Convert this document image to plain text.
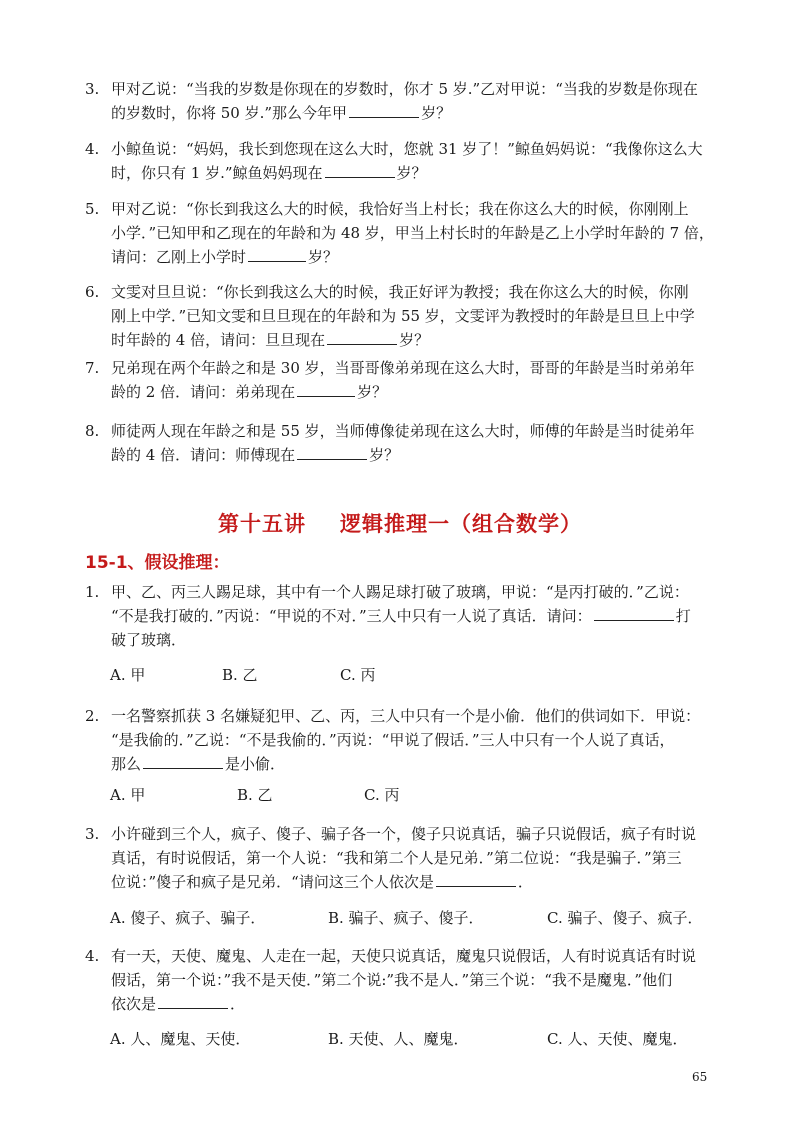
3. 甲对乙说：“当我的岁数是你现在的岁数时，你才 5 岁.”乙对甲说：“当我的岁数是你现在
的岁数时，你将 50 岁.”那么今年甲	岁？
4. 小鲸鱼说：“妈妈，我长到您现在这么大时，您就 31 岁了！”鲸鱼妈妈说：“我像你这么大
时，你只有 1 岁.”鲸鱼妈妈现在	岁？
5. 甲对乙说：“你长到我这么大的时候，我恰好当上村长；我在你这么大的时候，你刚刚上
小学．”已知甲和乙现在的年龄和为 48 岁，甲当上村长时的年龄是乙上小学时年龄的 7 倍，
请问：乙刚上小学时	岁？
6. 文雯对旦旦说：“你长到我这么大的时候，我正好评为教授；我在你这么大的时候，你刚
刚上中学．”已知文雯和旦旦现在的年龄和为 55 岁，文雯评为教授时的年龄是旦旦上中学
时年龄的 4 倍，请问：旦旦现在	岁？
7. 兄弟现在两个年龄之和是 30 岁，当哥哥像弟弟现在这么大时，哥哥的年龄是当时弟弟年
龄的 2 倍．请问：弟弟现在	岁？
8. 师徒两人现在年龄之和是 55 岁，当师傅像徒弟现在这么大时，师傅的年龄是当时徒弟年
龄的 4 倍．请问：师傅现在	岁？
第十五讲 逻辑推理一（组合数学）
15-1、假设推理：
1. 甲、乙、丙三人踢足球，其中有一个人踢足球打破了玻璃，甲说：“是丙打破的．”乙说：
“不是我打破的．”丙说：“甲说的不对．”三人中只有一人说了真话．请问：	打
破了玻璃．
A. 甲	B. 乙	C. 丙
2. 一名警察抓获 3 名嫌疑犯甲、乙、丙，三人中只有一个是小偷．他们的供词如下．甲说：
“是我偷的．”乙说：“不是我偷的．”丙说：“甲说了假话．”三人中只有一个人说了真话，
那么	是小偷．
A. 甲	B. 乙	C. 丙
3. 小许碰到三个人，疯子、傻子、骗子各一个，傻子只说真话，骗子只说假话，疯子有时说
真话，有时说假话，第一个人说：“我和第二个人是兄弟．”第二位说：“我是骗子．”第三
位说：”傻子和疯子是兄弟．“请问这三个人依次是	．
A. 傻子、疯子、骗子．	B. 骗子、疯子、傻子．	C. 骗子、傻子、疯子．
4. 有一天，天使、魔鬼、人走在一起，天使只说真话，魔鬼只说假话，人有时说真话有时说
假话，第一个说：”我不是天使．”第二个说:”我不是人．”第三个说：“我不是魔鬼．”他们
依次是	．
A. 人、魔鬼、天使．	B. 天使、人、魔鬼．	C. 人、天使、魔鬼．
65
